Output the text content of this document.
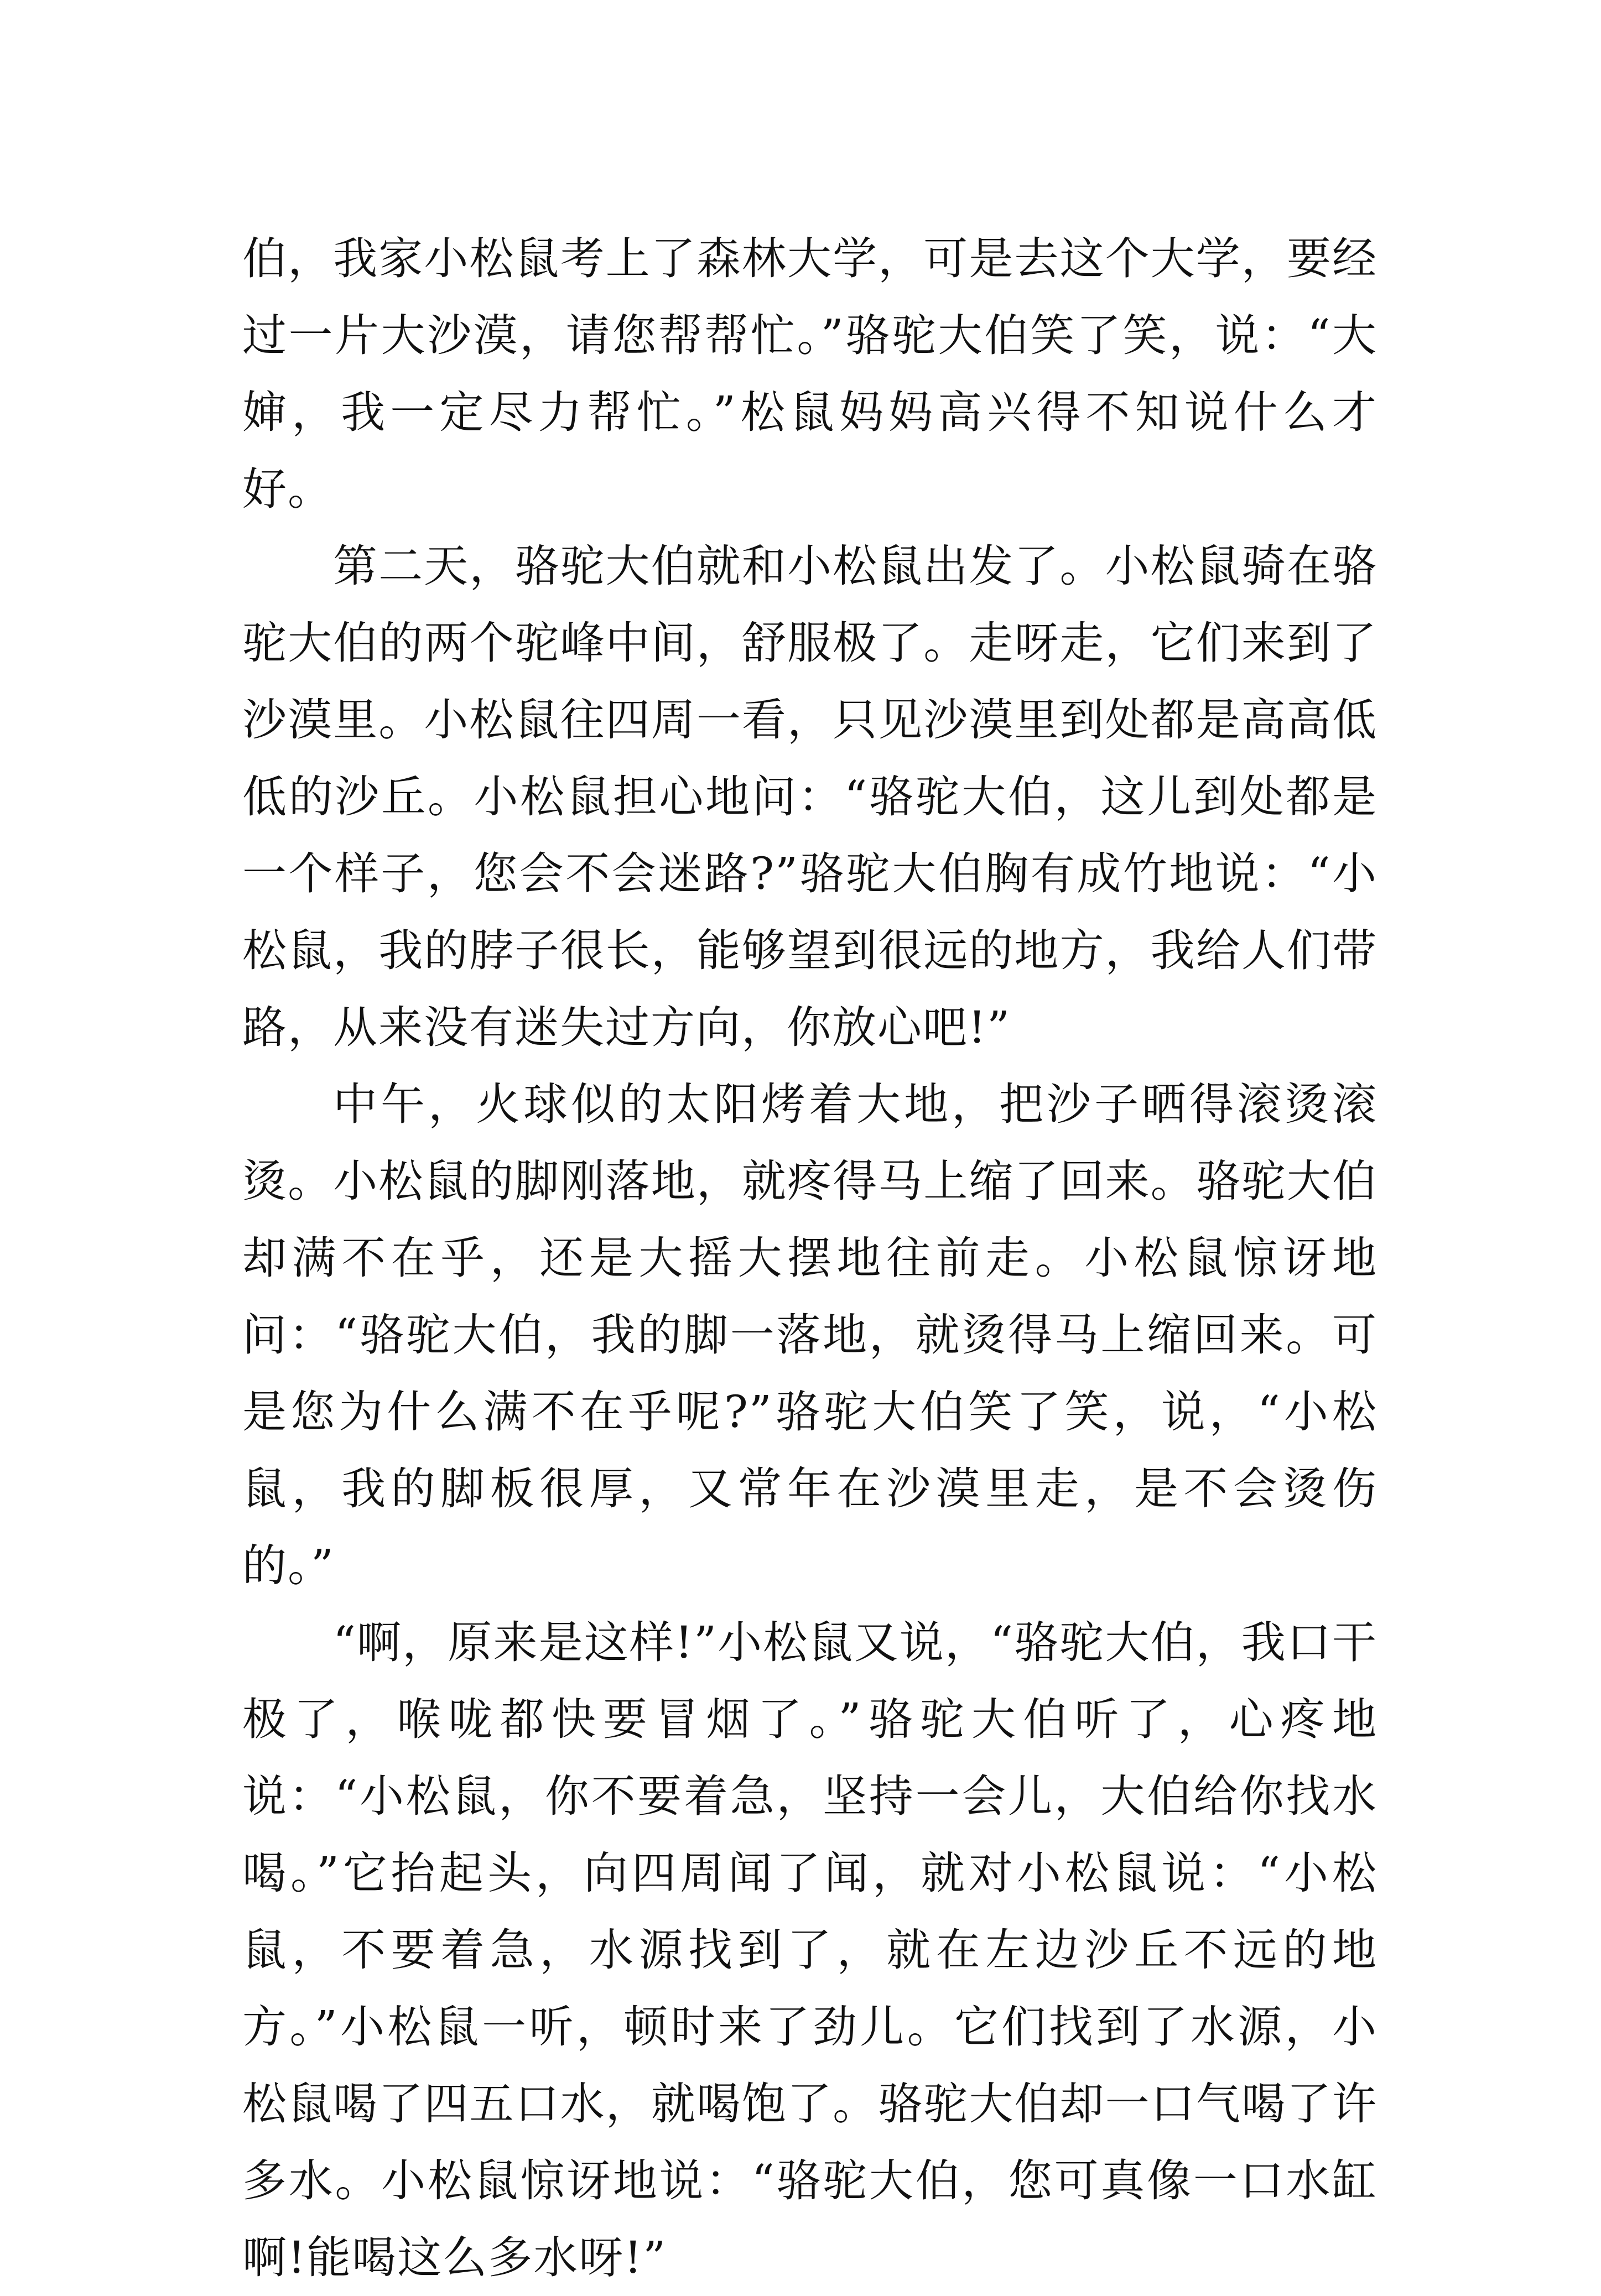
伯，我家小松鼠考上了森林大学，可是去这个大学，要经过一片大沙漠，请您帮帮忙。”骆驼大伯笑了笑，说：“大婶，我一定尽力帮忙。”松鼠妈妈高兴得不知说什么才好。

第二天，骆驼大伯就和小松鼠出发了。小松鼠骑在骆驼大伯的两个驼峰中间，舒服极了。走呀走，它们来到了沙漠里。小松鼠往四周一看，只见沙漠里到处都是高高低低的沙丘。小松鼠担心地问：“骆驼大伯，这儿到处都是一个样子，您会不会迷路?”骆驼大伯胸有成竹地说：“小松鼠，我的脖子很长，能够望到很远的地方，我给人们带路，从来没有迷失过方向，你放心吧!”

中午，火球似的太阳烤着大地，把沙子晒得滚烫滚烫。小松鼠的脚刚落地，就疼得马上缩了回来。骆驼大伯却满不在乎，还是大摇大摆地往前走。小松鼠惊讶地问：“骆驼大伯，我的脚一落地，就烫得马上缩回来。可是您为什么满不在乎呢?”骆驼大伯笑了笑，说，“小松鼠，我的脚板很厚，又常年在沙漠里走，是不会烫伤的。”

“啊，原来是这样!”小松鼠又说，“骆驼大伯，我口干极了，喉咙都快要冒烟了。”骆驼大伯听了，心疼地说：“小松鼠，你不要着急，坚持一会儿，大伯给你找水喝。”它抬起头，向四周闻了闻，就对小松鼠说：“小松鼠，不要着急，水源找到了，就在左边沙丘不远的地方。”小松鼠一听，顿时来了劲儿。它们找到了水源，小松鼠喝了四五口水，就喝饱了。骆驼大伯却一口气喝了许多水。小松鼠惊讶地说：“骆驼大伯，您可真像一口水缸啊!能喝这么多水呀!”
